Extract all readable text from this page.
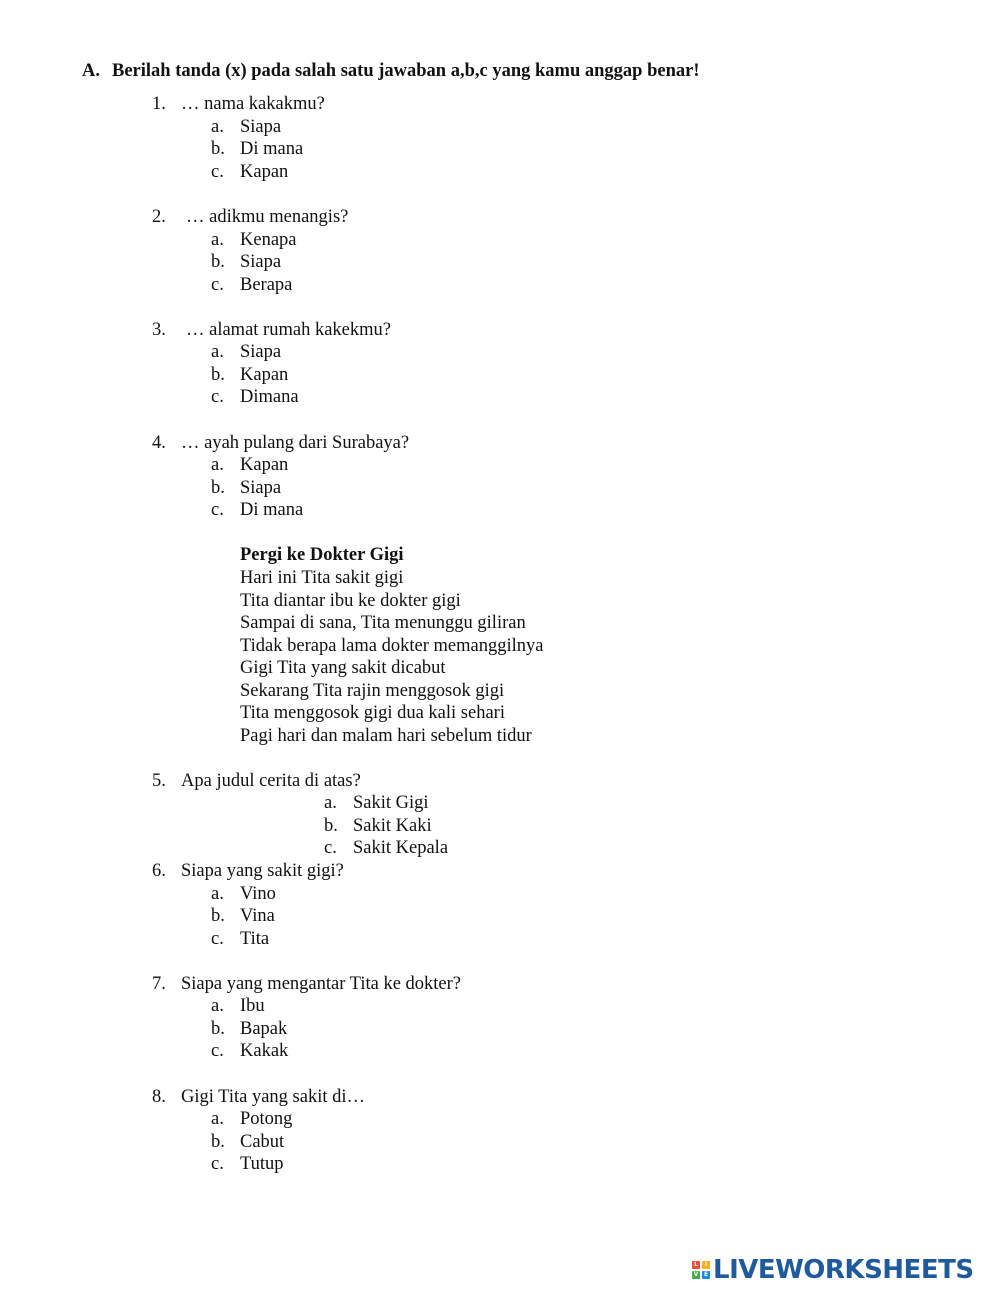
A. Berilah tanda (x) pada salah satu jawaban a,b,c yang kamu anggap benar!
1. … nama kakakmu?
a. Siapa
b. Di mana
c. Kapan
2. … adikmu menangis?
a. Kenapa
b. Siapa
c. Berapa
3. … alamat rumah kakekmu?
a. Siapa
b. Kapan
c. Dimana
4. … ayah pulang dari Surabaya?
a. Kapan
b. Siapa
c. Di mana
Pergi ke Dokter Gigi
Hari ini Tita sakit gigi
Tita diantar ibu ke dokter gigi
Sampai di sana, Tita menunggu giliran
Tidak berapa lama dokter memanggilnya
Gigi Tita yang sakit dicabut
Sekarang Tita rajin menggosok gigi
Tita menggosok gigi dua kali sehari
Pagi hari dan malam hari sebelum tidur
5. Apa judul cerita di atas?
a. Sakit Gigi
b. Sakit Kaki
c. Sakit Kepala
6. Siapa yang sakit gigi?
a. Vino
b. Vina
c. Tita
7. Siapa yang mengantar Tita ke dokter?
a. Ibu
b. Bapak
c. Kakak
8. Gigi Tita yang sakit di…
a. Potong
b. Cabut
c. Tutup
L	I
V E LIVEWORKSHEETS
